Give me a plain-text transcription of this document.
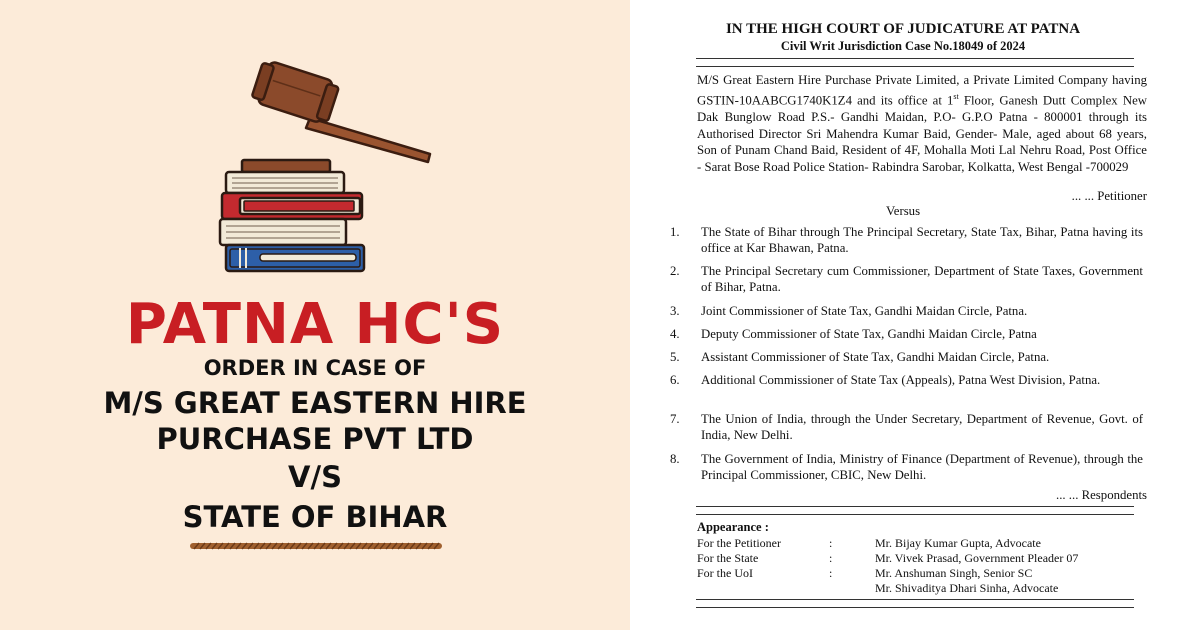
PATNA HC'S
ORDER IN CASE OF
M/S GREAT EASTERN HIRE
PURCHASE PVT LTD
V/S
STATE OF BIHAR
IN THE HIGH COURT OF JUDICATURE AT PATNA
Civil Writ Jurisdiction Case No.18049 of 2024
M/S Great Eastern Hire Purchase Private Limited, a Private Limited Company having GSTIN-10AABCG1740K1Z4 and its office at 1st Floor, Ganesh Dutt Complex New Dak Bunglow Road P.S.- Gandhi Maidan, P.O- G.P.O Patna - 800001 through its Authorised Director Sri Mahendra Kumar Baid, Gender- Male, aged about 68 years, Son of Punam Chand Baid, Resident of 4F, Mohalla Moti Lal Nehru Road, Post Office - Sarat Bose Road Police Station- Rabindra Sarobar, Kolkatta, West Bengal -700029
... ... Petitioner
Versus
1.	The State of Bihar through The Principal Secretary, State Tax, Bihar, Patna having its office at Kar Bhawan, Patna.
2.	The Principal Secretary cum Commissioner, Department of State Taxes, Government of Bihar, Patna.
3.	Joint Commissioner of State Tax, Gandhi Maidan Circle, Patna.
4.	Deputy Commissioner of State Tax, Gandhi Maidan Circle, Patna
5.	Assistant Commissioner of State Tax, Gandhi Maidan Circle, Patna.
6.	Additional Commissioner of State Tax (Appeals), Patna West Division, Patna.
7.	The Union of India, through the Under Secretary, Department of Revenue, Govt. of India, New Delhi.
8.	The Government of India, Ministry of Finance (Department of Revenue), through the Principal Commissioner, CBIC, New Delhi.
... ... Respondents
Appearance :
For the Petitioner	:	Mr. Bijay Kumar Gupta, Advocate
For the State	:	Mr. Vivek Prasad, Government Pleader 07
For the UoI	:	Mr. Anshuman Singh, Senior SC
Mr. Shivaditya Dhari Sinha, Advocate
